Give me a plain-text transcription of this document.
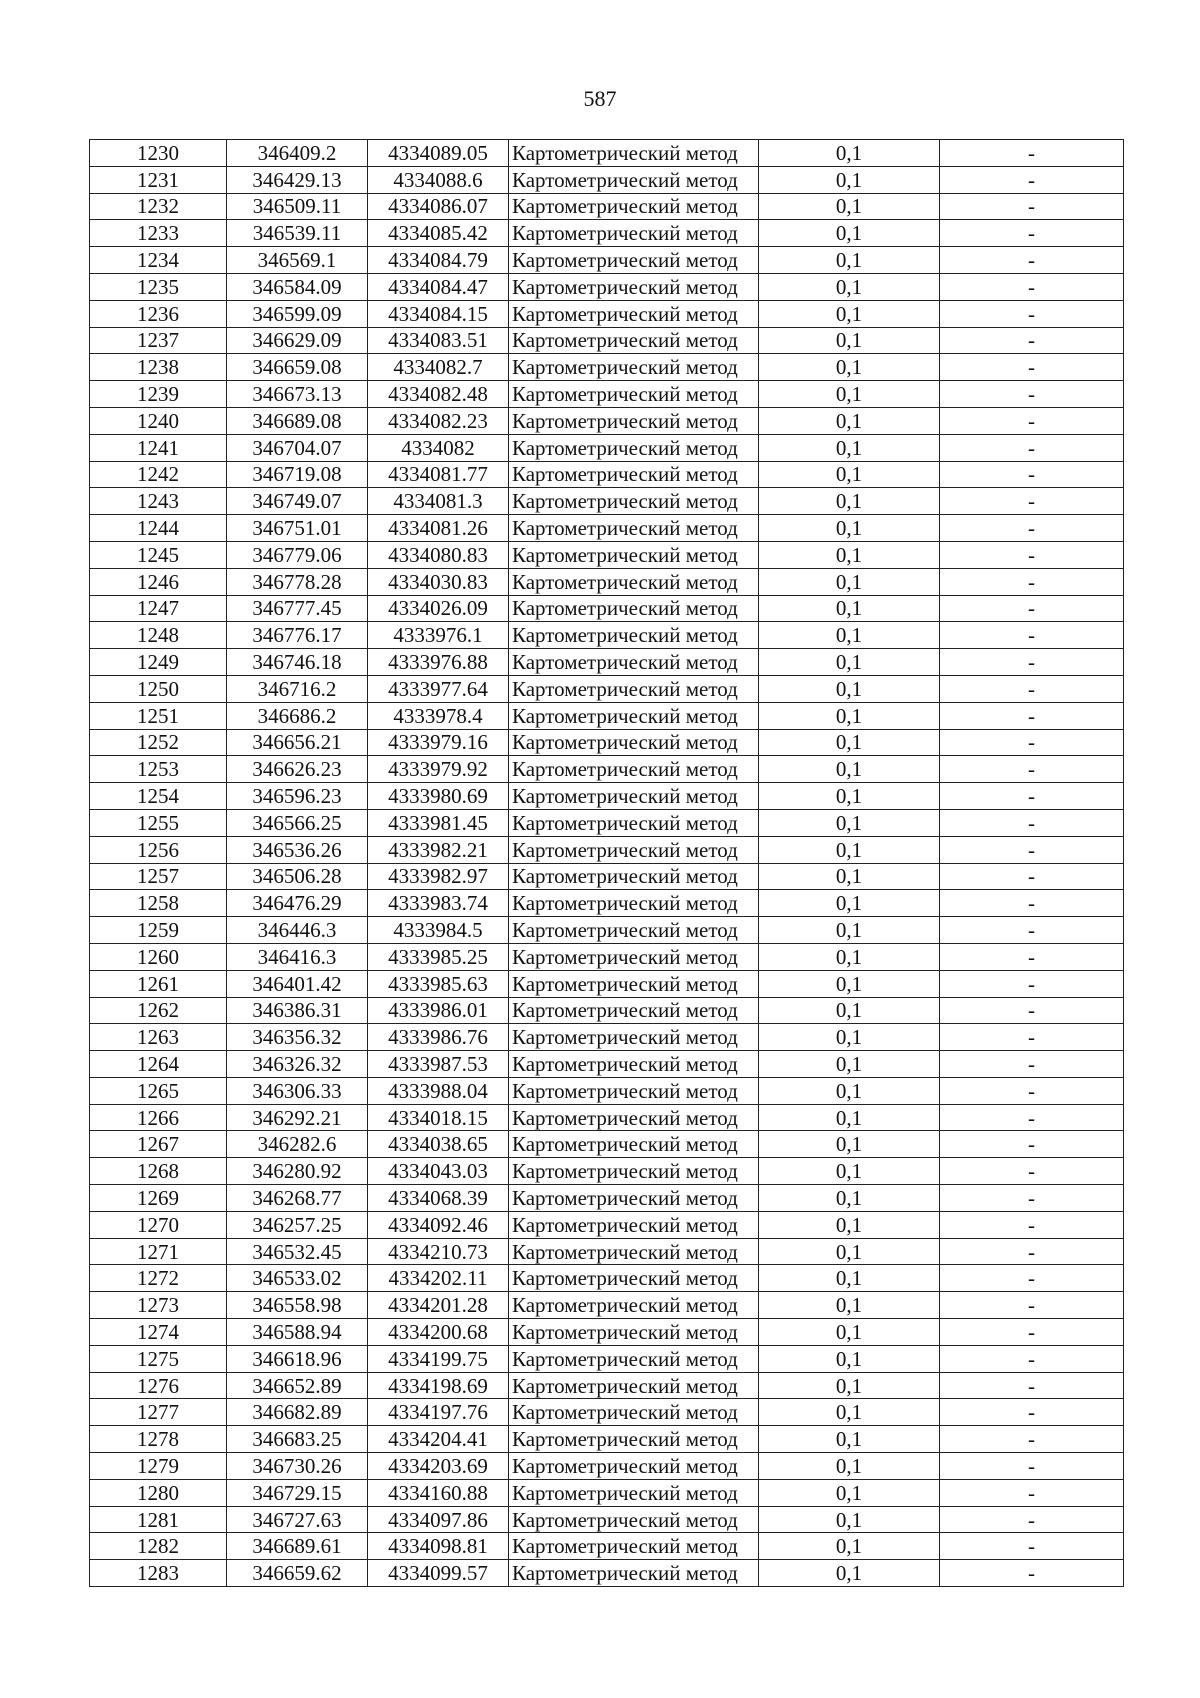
587
1230	346409.2	4334089.05	Картометрический метод	0,1	-
1231	346429.13	4334088.6	Картометрический метод	0,1	-
1232	346509.11	4334086.07	Картометрический метод	0,1	-
1233	346539.11	4334085.42	Картометрический метод	0,1	-
1234	346569.1	4334084.79	Картометрический метод	0,1	-
1235	346584.09	4334084.47	Картометрический метод	0,1	-
1236	346599.09	4334084.15	Картометрический метод	0,1	-
1237	346629.09	4334083.51	Картометрический метод	0,1	-
1238	346659.08	4334082.7	Картометрический метод	0,1	-
1239	346673.13	4334082.48	Картометрический метод	0,1	-
1240	346689.08	4334082.23	Картометрический метод	0,1	-
1241	346704.07	4334082	Картометрический метод	0,1	-
1242	346719.08	4334081.77	Картометрический метод	0,1	-
1243	346749.07	4334081.3	Картометрический метод	0,1	-
1244	346751.01	4334081.26	Картометрический метод	0,1	-
1245	346779.06	4334080.83	Картометрический метод	0,1	-
1246	346778.28	4334030.83	Картометрический метод	0,1	-
1247	346777.45	4334026.09	Картометрический метод	0,1	-
1248	346776.17	4333976.1	Картометрический метод	0,1	-
1249	346746.18	4333976.88	Картометрический метод	0,1	-
1250	346716.2	4333977.64	Картометрический метод	0,1	-
1251	346686.2	4333978.4	Картометрический метод	0,1	-
1252	346656.21	4333979.16	Картометрический метод	0,1	-
1253	346626.23	4333979.92	Картометрический метод	0,1	-
1254	346596.23	4333980.69	Картометрический метод	0,1	-
1255	346566.25	4333981.45	Картометрический метод	0,1	-
1256	346536.26	4333982.21	Картометрический метод	0,1	-
1257	346506.28	4333982.97	Картометрический метод	0,1	-
1258	346476.29	4333983.74	Картометрический метод	0,1	-
1259	346446.3	4333984.5	Картометрический метод	0,1	-
1260	346416.3	4333985.25	Картометрический метод	0,1	-
1261	346401.42	4333985.63	Картометрический метод	0,1	-
1262	346386.31	4333986.01	Картометрический метод	0,1	-
1263	346356.32	4333986.76	Картометрический метод	0,1	-
1264	346326.32	4333987.53	Картометрический метод	0,1	-
1265	346306.33	4333988.04	Картометрический метод	0,1	-
1266	346292.21	4334018.15	Картометрический метод	0,1	-
1267	346282.6	4334038.65	Картометрический метод	0,1	-
1268	346280.92	4334043.03	Картометрический метод	0,1	-
1269	346268.77	4334068.39	Картометрический метод	0,1	-
1270	346257.25	4334092.46	Картометрический метод	0,1	-
1271	346532.45	4334210.73	Картометрический метод	0,1	-
1272	346533.02	4334202.11	Картометрический метод	0,1	-
1273	346558.98	4334201.28	Картометрический метод	0,1	-
1274	346588.94	4334200.68	Картометрический метод	0,1	-
1275	346618.96	4334199.75	Картометрический метод	0,1	-
1276	346652.89	4334198.69	Картометрический метод	0,1	-
1277	346682.89	4334197.76	Картометрический метод	0,1	-
1278	346683.25	4334204.41	Картометрический метод	0,1	-
1279	346730.26	4334203.69	Картометрический метод	0,1	-
1280	346729.15	4334160.88	Картометрический метод	0,1	-
1281	346727.63	4334097.86	Картометрический метод	0,1	-
1282	346689.61	4334098.81	Картометрический метод	0,1	-
1283	346659.62	4334099.57	Картометрический метод	0,1	-
